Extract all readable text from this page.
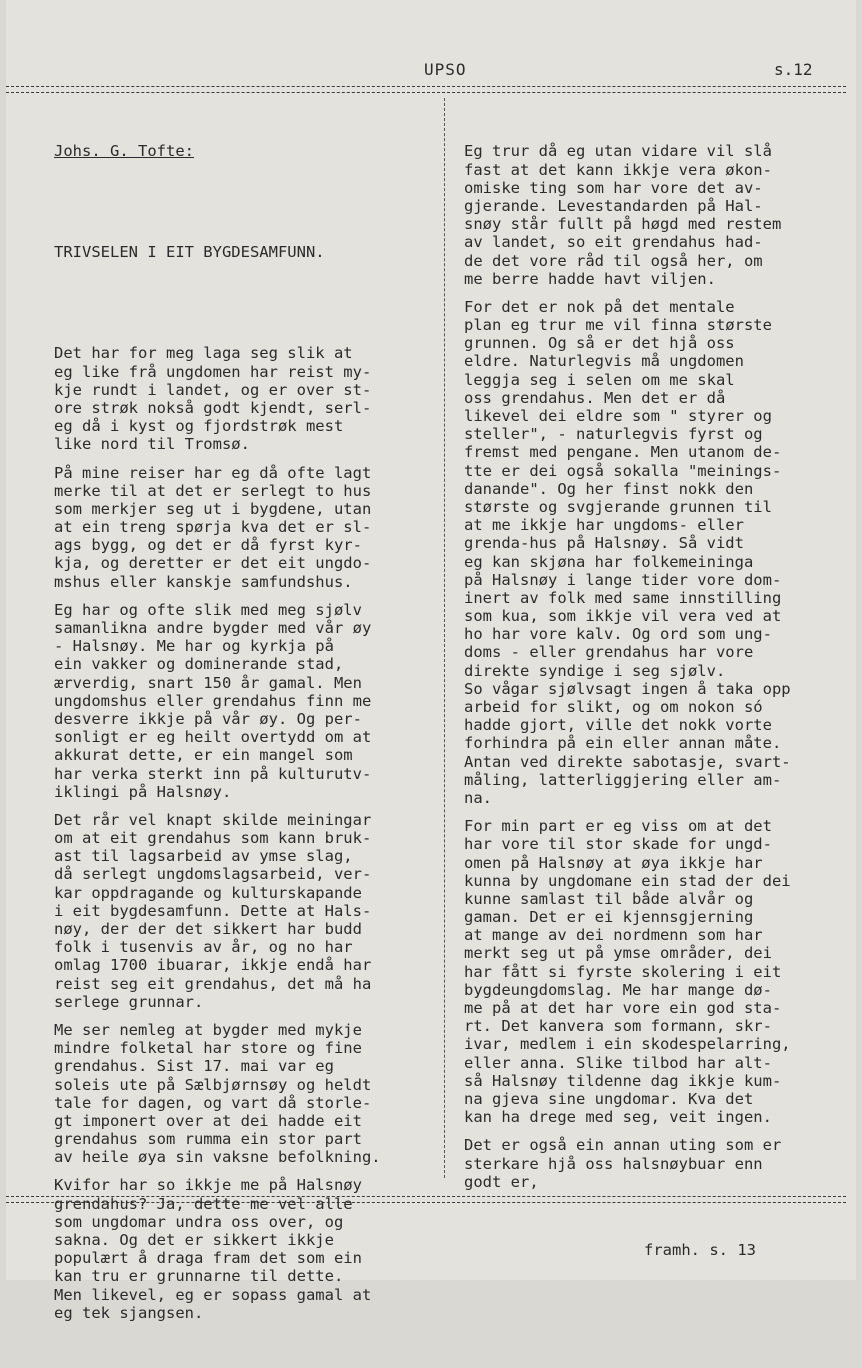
UPSO	s.12

Johs. G. Tofte:

TRIVSELEN I EIT BYGDESAMFUNN.

Det har for meg laga seg slik at
eg like frå ungdomen har reist my-
kje rundt i landet, og er over st-
ore strøk nokså godt kjendt, serl-
eg då i kyst og fjordstrøk mest
like nord til Tromsø.
På mine reiser har eg då ofte lagt
merke til at det er serlegt to hus
som merkjer seg ut i bygdene, utan
at ein treng spørja kva det er sl-
ags bygg, og det er då fyrst kyr-
kja, og deretter er det eit ungdo-
mshus eller kanskje samfundshus.
Eg har og ofte slik med meg sjølv
samanlikna andre bygder med vår øy
- Halsnøy. Me har og kyrkja på
ein vakker og dominerande stad,
ærverdig, snart 150 år gamal. Men
ungdomshus eller grendahus finn me
desverre ikkje på vår øy. Og per-
sonligt er eg heilt overtydd om at
akkurat dette, er ein mangel som
har verka sterkt inn på kulturutv-
iklingi på Halsnøy.
Det rår vel knapt skilde meiningar
om at eit grendahus som kann bruk-
ast til lagsarbeid av ymse slag,
då serlegt ungdomslagsarbeid, ver-
kar oppdragande og kulturskapande
i eit bygdesamfunn. Dette at Hals-
nøy, der der det sikkert har budd
folk i tusenvis av år, og no har
omlag 1700 ibuarar, ikkje endå har
reist seg eit grendahus, det må ha
serlege grunnar.
Me ser nemleg at bygder med mykje
mindre folketal har store og fine
grendahus. Sist 17. mai var eg
soleis ute på Sælbjørnsøy og heldt
tale for dagen, og vart då storle-
gt imponert over at dei hadde eit
grendahus som rumma ein stor part
av heile øya sin vaksne befolkning.
Kvifor har so ikkje me på Halsnøy
grendahus? Ja, dette me vel alle
som ungdomar undra oss over, og
sakna. Og det er sikkert ikkje
populært å draga fram det som ein
kan tru er grunnarne til dette.
Men likevel, eg er sopass gamal at
eg tek sjangsen.

Eg trur då eg utan vidare vil slå
fast at det kann ikkje vera økon-
omiske ting som har vore det av-
gjerande. Levestandarden på Hal-
snøy står fullt på høgd med restem
av landet, so eit grendahus had-
de det vore råd til også her, om
me berre hadde havt viljen.
For det er nok på det mentale
plan eg trur me vil finna største
grunnen. Og så er det hjå oss
eldre. Naturlegvis må ungdomen
leggja seg i selen om me skal
oss grendahus. Men det er då
likevel dei eldre som " styrer og
steller", - naturlegvis fyrst og
fremst med pengane. Men utanom de-
tte er dei også sokalla "meinings-
danande". Og her finst nokk den
største og svgjerande grunnen til
at me ikkje har ungdoms- eller
grenda-hus på Halsnøy. Så vidt
eg kan skjøna har folkemeininga
på Halsnøy i lange tider vore dom-
inert av folk med same innstilling
som kua, som ikkje vil vera ved at
ho har vore kalv. Og ord som ung-
doms - eller grendahus har vore
direkte syndige i seg sjølv.
So vågar sjølvsagt ingen å taka opp
arbeid for slikt, og om nokon só
hadde gjort, ville det nokk vorte
forhindra på ein eller annan måte.
Antan ved direkte sabotasje, svart-
måling, latterliggjering eller am-
na.
For min part er eg viss om at det
har vore til stor skade for ungd-
omen på Halsnøy at øya ikkje har
kunna by ungdomane ein stad der dei
kunne samlast til både alvår og
gaman. Det er ei kjennsgjerning
at mange av dei nordmenn som har
merkt seg ut på ymse områder, dei
har fått si fyrste skolering i eit
bygdeungdomslag. Me har mange dø-
me på at det har vore ein god sta-
rt. Det kanvera som formann, skr-
ivar, medlem i ein skodespelarring,
eller anna. Slike tilbod har alt-
så Halsnøy tildenne dag ikkje kum-
na gjeva sine ungdomar. Kva det
kan ha drege med seg, veit ingen.
Det er også ein annan uting som er
sterkare hjå oss halsnøybuar enn
godt er,

framh. s. 13
